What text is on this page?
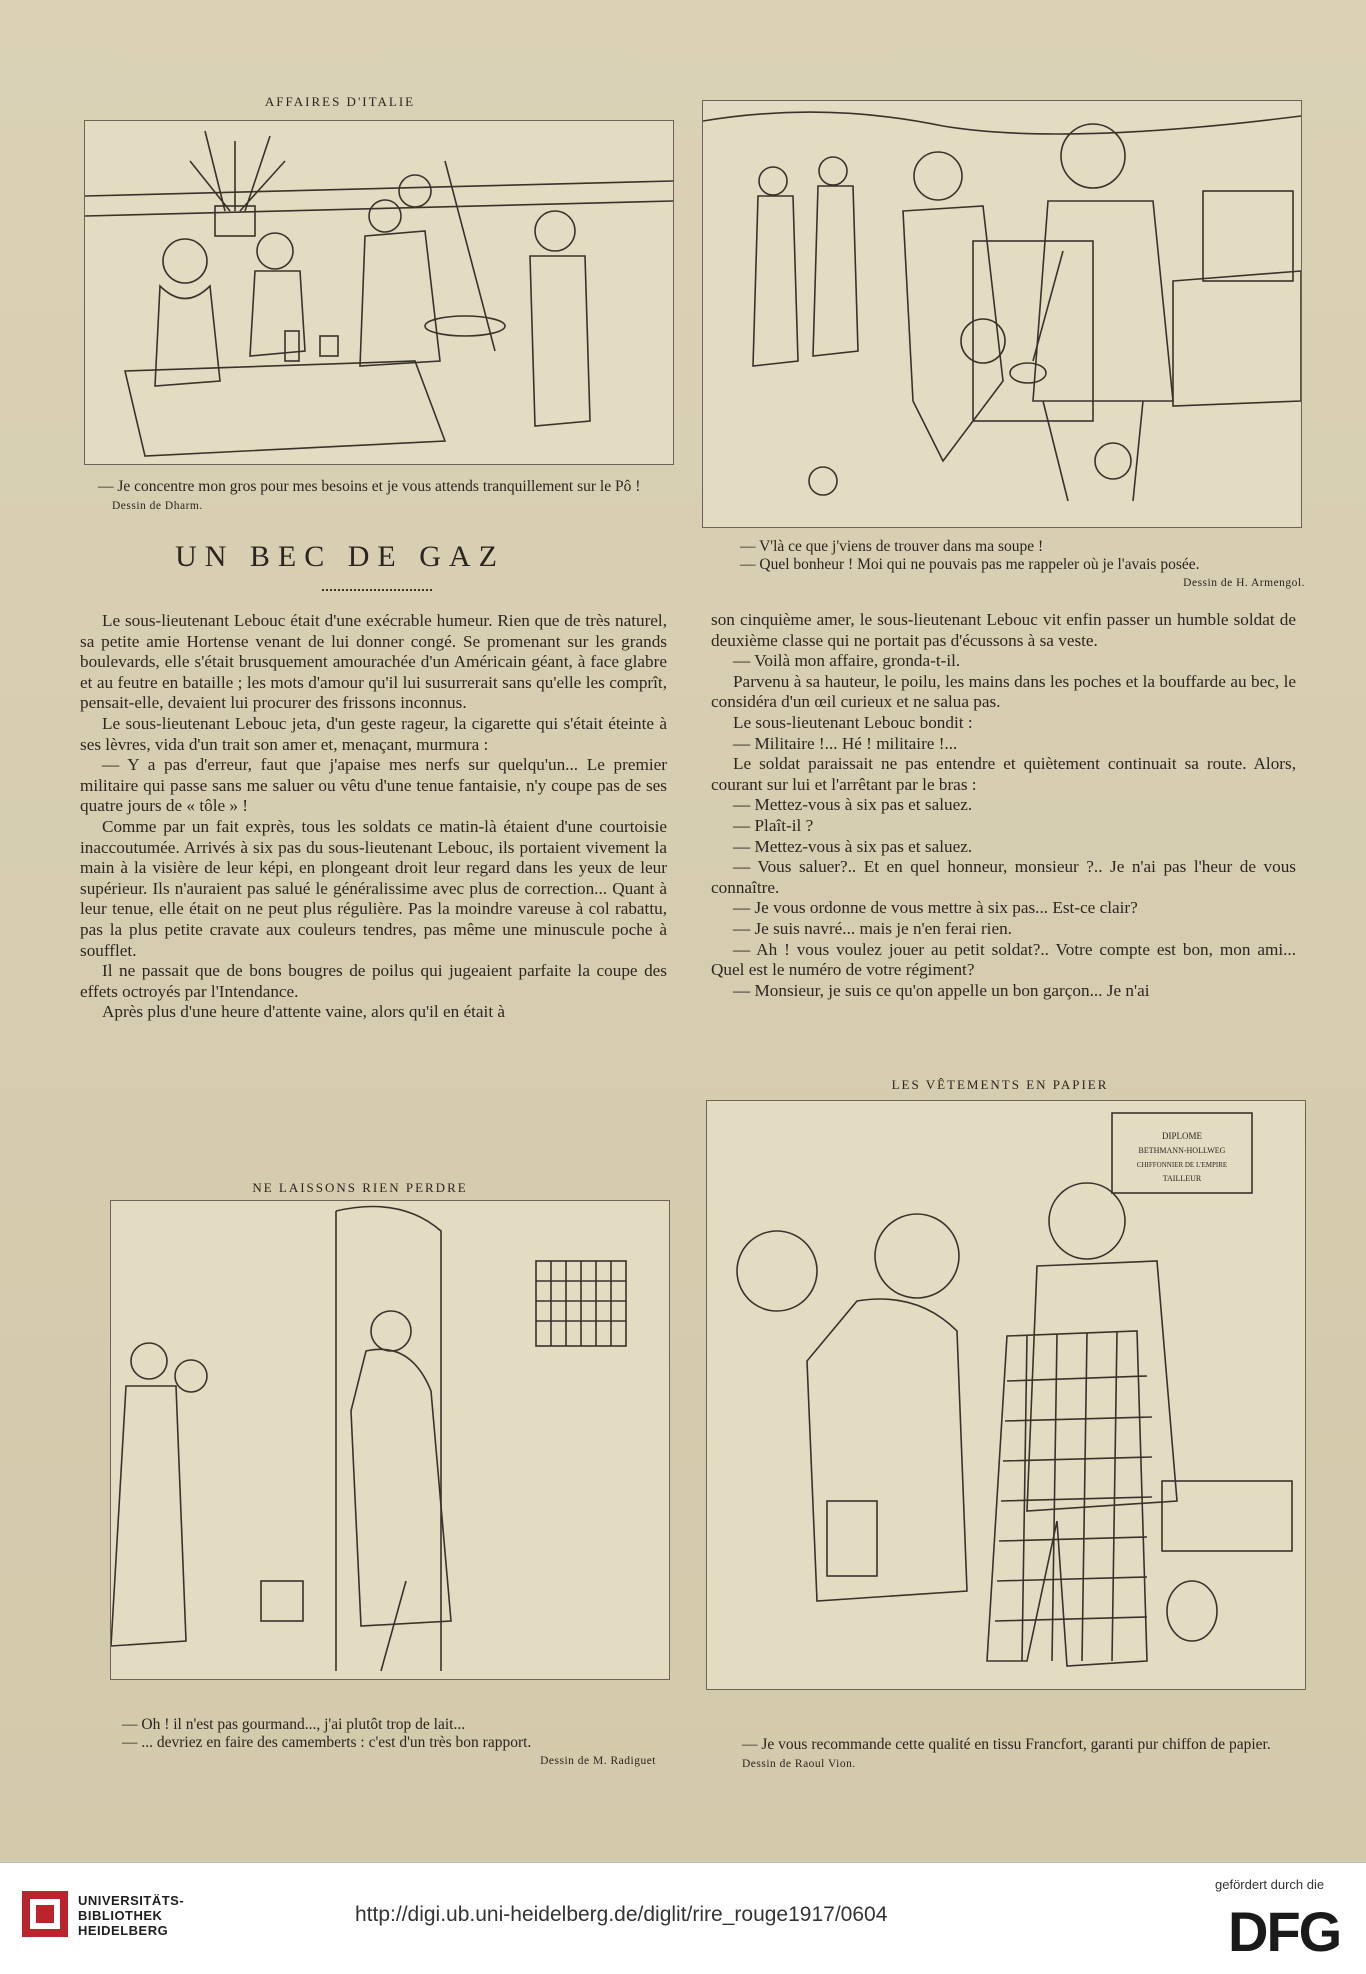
AFFAIRES D'ITALIE
— Je concentre mon gros pour mes besoins et je vous attends tranquillement sur le Pô ! Dessin de Dharm.
— V'là ce que j'viens de trouver dans ma soupe !
— Quel bonheur ! Moi qui ne pouvais pas me rappeler où je l'avais posée.
Dessin de H. Armengol.
UN BEC DE GAZ

Le sous-lieutenant Lebouc était d'une exécrable humeur. Rien que de très naturel, sa petite amie Hortense venant de lui donner congé. Se promenant sur les grands boulevards, elle s'était brusquement amourachée d'un Américain géant, à face glabre et au feutre en bataille ; les mots d'amour qu'il lui susurrerait sans qu'elle les comprît, pensait-elle, devaient lui procurer des frissons inconnus.

Le sous-lieutenant Lebouc jeta, d'un geste rageur, la cigarette qui s'était éteinte à ses lèvres, vida d'un trait son amer et, menaçant, murmura :

— Y a pas d'erreur, faut que j'apaise mes nerfs sur quelqu'un... Le premier militaire qui passe sans me saluer ou vêtu d'une tenue fantaisie, n'y coupe pas de ses quatre jours de « tôle » !

Comme par un fait exprès, tous les soldats ce matin-là étaient d'une courtoisie inaccoutumée. Arrivés à six pas du sous-lieutenant Lebouc, ils portaient vivement la main à la visière de leur képi, en plongeant droit leur regard dans les yeux de leur supérieur. Ils n'auraient pas salué le généralissime avec plus de correction... Quant à leur tenue, elle était on ne peut plus régulière. Pas la moindre vareuse à col rabattu, pas la plus petite cravate aux couleurs tendres, pas même une minuscule poche à soufflet.

Il ne passait que de bons bougres de poilus qui jugeaient parfaite la coupe des effets octroyés par l'Intendance.

Après plus d'une heure d'attente vaine, alors qu'il en était à

son cinquième amer, le sous-lieutenant Lebouc vit enfin passer un humble soldat de deuxième classe qui ne portait pas d'écussons à sa veste.

— Voilà mon affaire, gronda-t-il.

Parvenu à sa hauteur, le poilu, les mains dans les poches et la bouffarde au bec, le considéra d'un œil curieux et ne salua pas.

Le sous-lieutenant Lebouc bondit :

— Militaire !... Hé ! militaire !...

Le soldat paraissait ne pas entendre et quiètement continuait sa route. Alors, courant sur lui et l'arrêtant par le bras :

— Mettez-vous à six pas et saluez.

— Plaît-il ?

— Mettez-vous à six pas et saluez.

— Vous saluer?.. Et en quel honneur, monsieur ?.. Je n'ai pas l'heur de vous connaître.

— Je vous ordonne de vous mettre à six pas... Est-ce clair?

— Je suis navré... mais je n'en ferai rien.

— Ah ! vous voulez jouer au petit soldat?.. Votre compte est bon, mon ami... Quel est le numéro de votre régiment?

— Monsieur, je suis ce qu'on appelle un bon garçon... Je n'ai

NE LAISSONS RIEN PERDRE
— Oh ! il n'est pas gourmand..., j'ai plutôt trop de lait...
— ... devriez en faire des camemberts : c'est d'un très bon rapport.
Dessin de M. Radiguet
LES VÊTEMENTS EN PAPIER
DIPLOME
BETHMANN-HOLLWEG
CHIFFONNIER DE L'EMPIRE
TAILLEUR
— Je vous recommande cette qualité en tissu Francfort, garanti pur chiffon de papier. Dessin de Raoul Vion.
UNIVERSITÄTS-
BIBLIOTHEK
HEIDELBERG
http://digi.ub.uni-heidelberg.de/diglit/rire_rouge1917/0604
gefördert durch die
DFG
